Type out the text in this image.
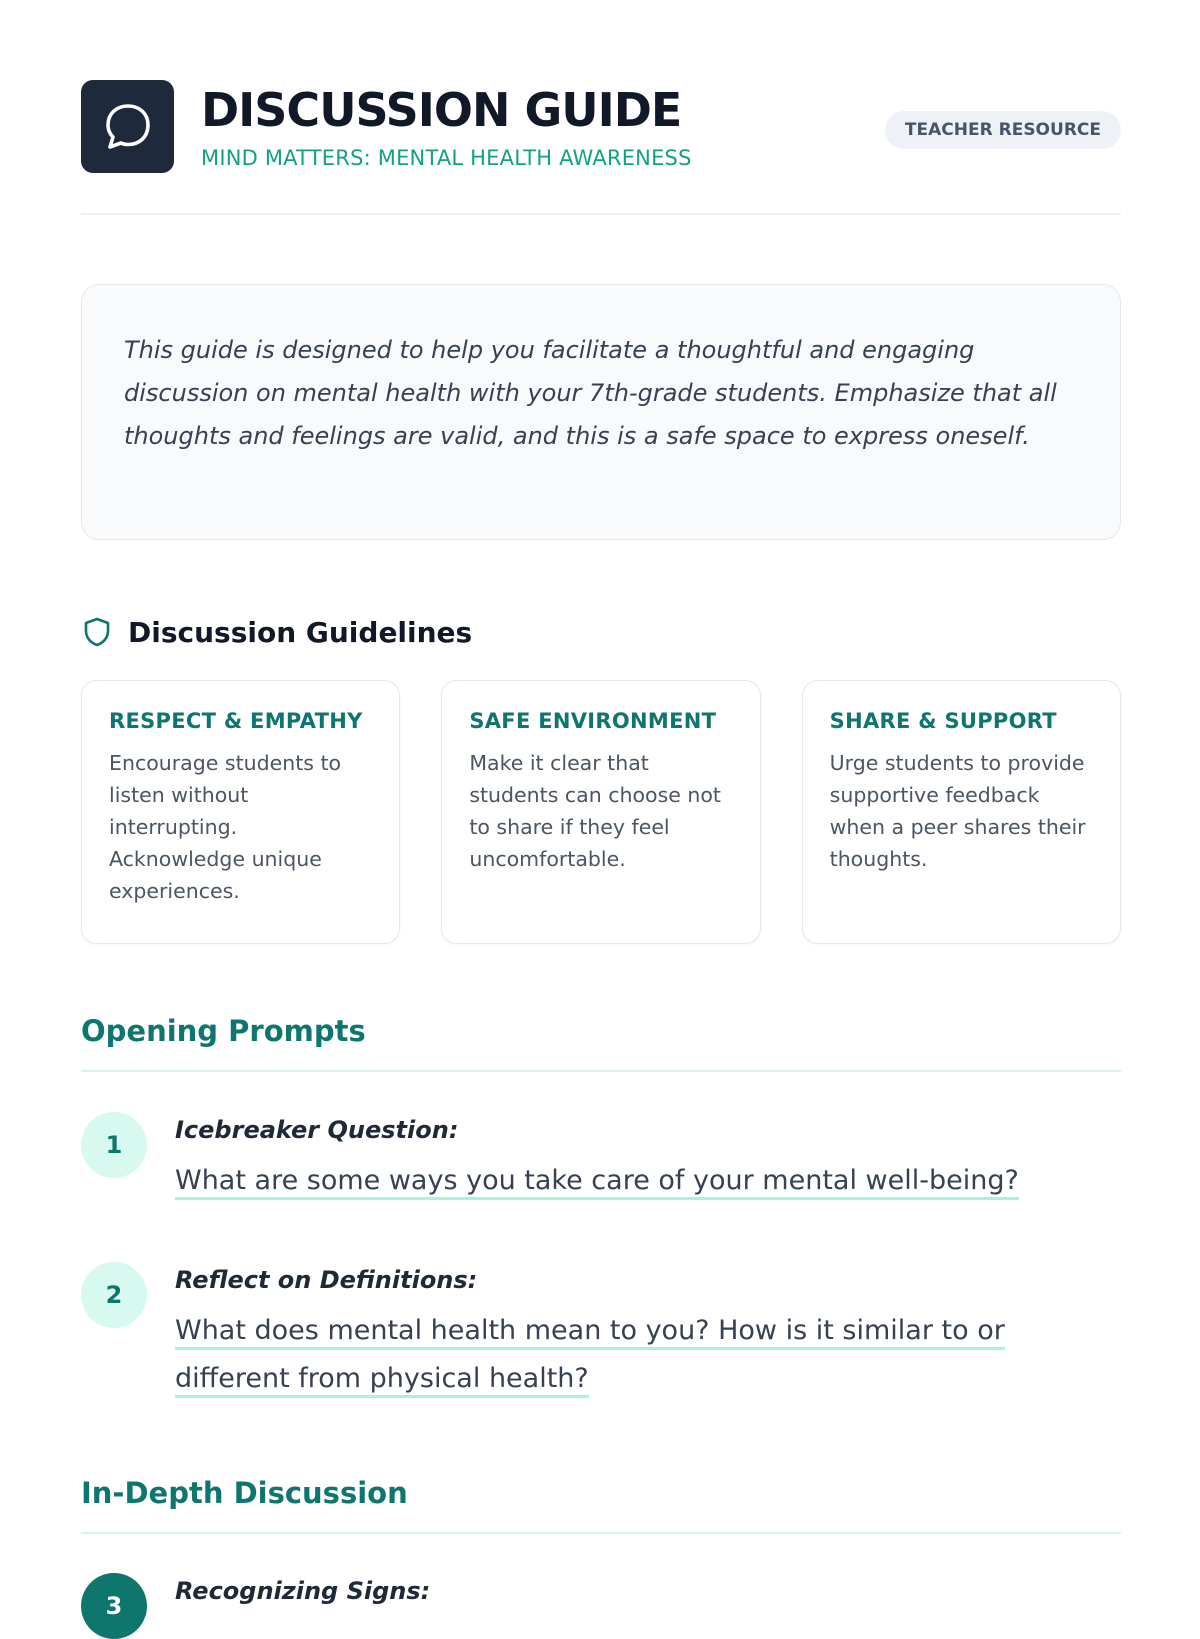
DISCUSSION GUIDE
MIND MATTERS: MENTAL HEALTH AWARENESS
TEACHER RESOURCE

This guide is designed to help you facilitate a thoughtful and engaging discussion on mental health with your 7th-grade students. Emphasize that all thoughts and feelings are valid, and this is a safe space to express oneself.

Discussion Guidelines
RESPECT & EMPATHY

Encourage students to listen without interrupting. Acknowledge unique experiences.

SAFE ENVIRONMENT

Make it clear that students can choose not to share if they feel uncomfortable.

SHARE & SUPPORT

Urge students to provide supportive feedback when a peer shares their thoughts.

Opening Prompts
1
Icebreaker Question:
What are some ways you take care of your mental well-being?
2
Reflect on Definitions:
What does mental health mean to you? How is it similar to or different from physical health?
In-Depth Discussion
3
Recognizing Signs:
